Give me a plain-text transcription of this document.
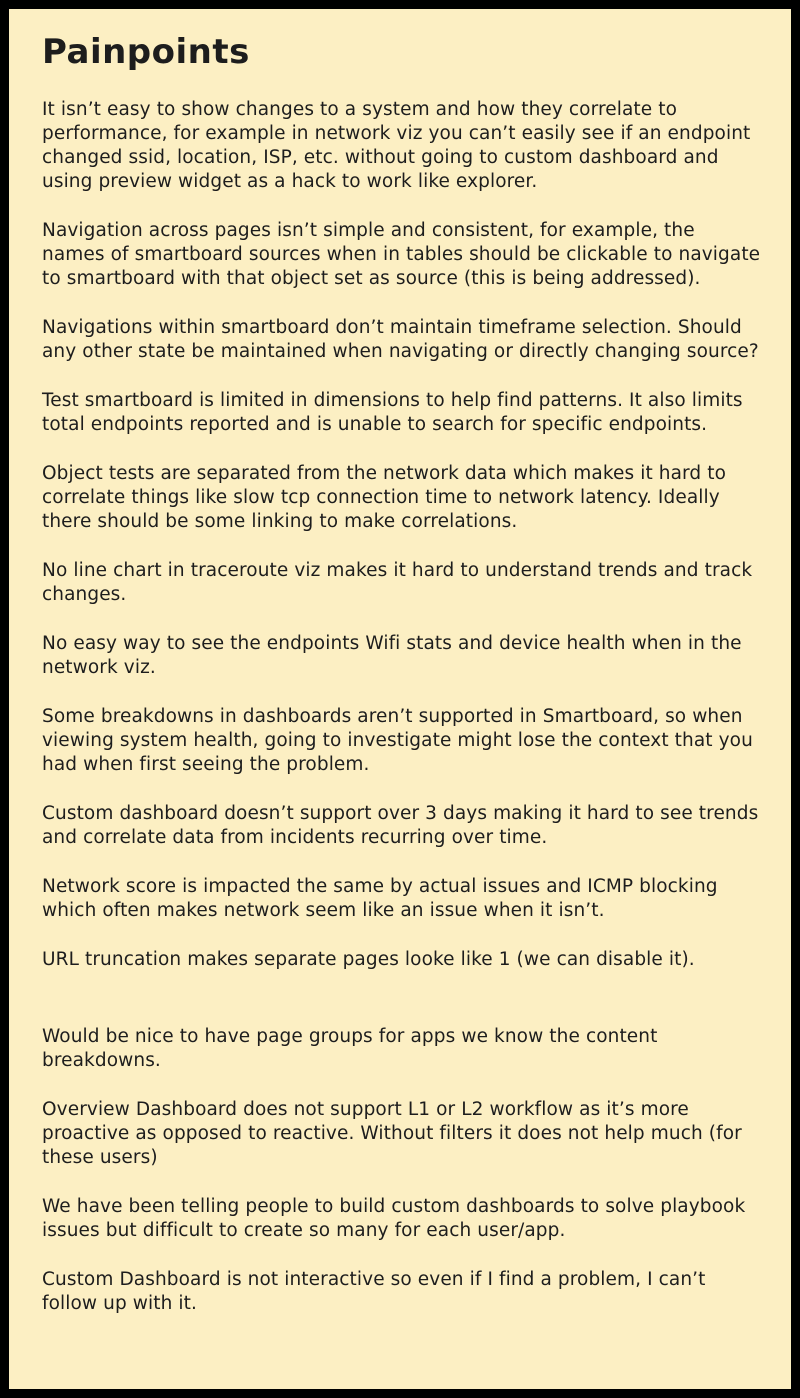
Painpoints

It isn’t easy to show changes to a system and how they correlate to performance, for example in network viz you can’t easily see if an endpoint changed ssid, location, ISP, etc. without going to custom dashboard and using preview widget as a hack to work like explorer.

Navigation across pages isn’t simple and consistent, for example, the names of smartboard sources when in tables should be clickable to navigate to smartboard with that object set as source (this is being addressed).

Navigations within smartboard don’t maintain timeframe selection. Should any other state be maintained when navigating or directly changing source?

Test smartboard is limited in dimensions to help find patterns. It also limits total endpoints reported and is unable to search for specific endpoints.

Object tests are separated from the network data which makes it hard to correlate things like slow tcp connection time to network latency. Ideally there should be some linking to make correlations.

No line chart in traceroute viz makes it hard to understand trends and track changes.

No easy way to see the endpoints Wifi stats and device health when in the network viz.

Some breakdowns in dashboards aren’t supported in Smartboard, so when viewing system health, going to investigate might lose the context that you had when first seeing the problem.

Custom dashboard doesn’t support over 3 days making it hard to see trends and correlate data from incidents recurring over time.

Network score is impacted the same by actual issues and ICMP blocking which often makes network seem like an issue when it isn’t.

URL truncation makes separate pages looke like 1 (we can disable it).

Would be nice to have page groups for apps we know the content breakdowns.

Overview Dashboard does not support L1 or L2 workflow as it’s more proactive as opposed to reactive. Without filters it does not help much (for these users)

We have been telling people to build custom dashboards to solve playbook issues but difficult to create so many for each user/app.

Custom Dashboard is not interactive so even if I find a problem, I can’t follow up with it.
